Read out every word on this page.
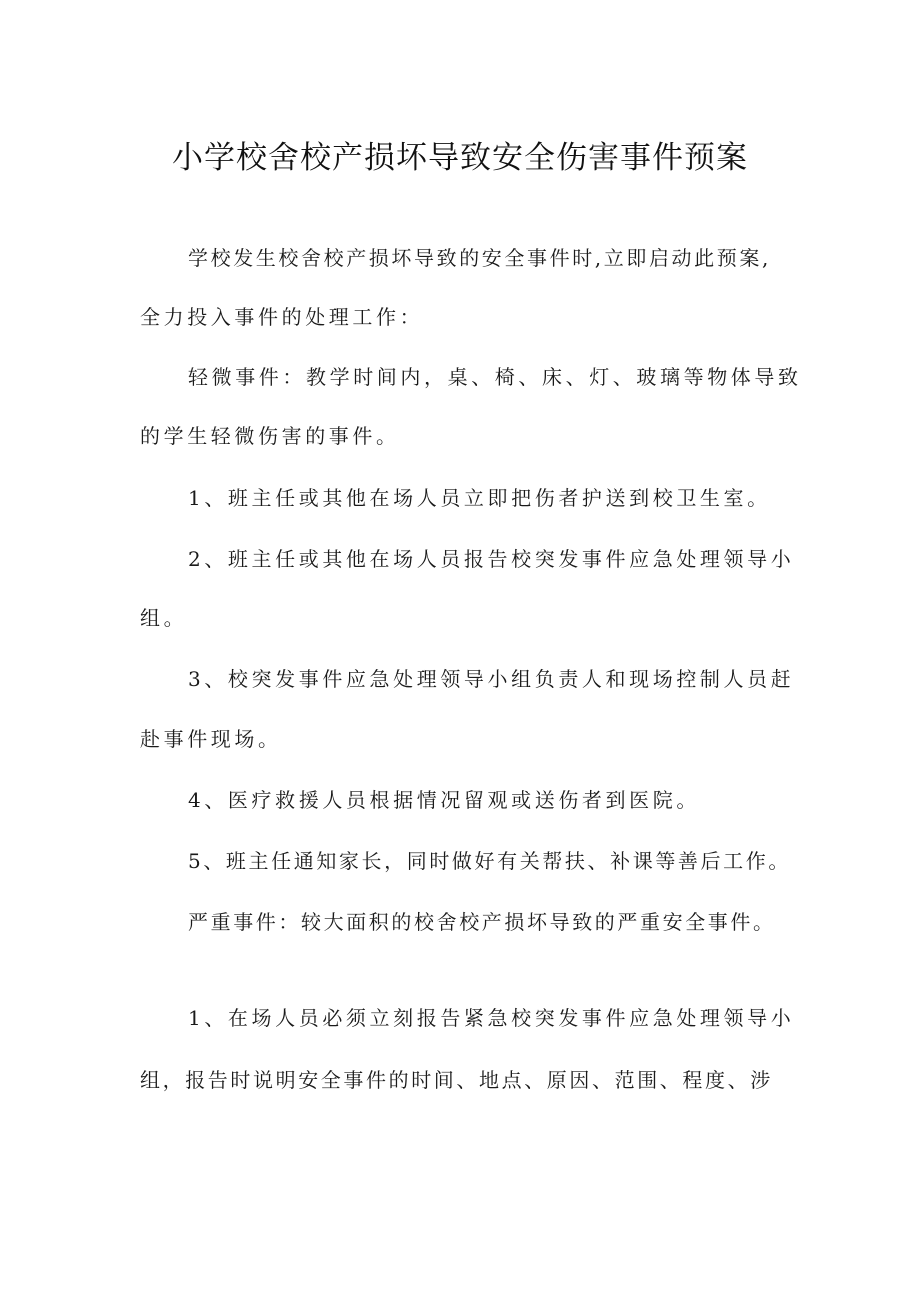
小学校舍校产损坏导致安全伤害事件预案
学校发生校舍校产损坏导致的安全事件时,立即启动此预案,
全力投入事件的处理工作：
轻微事件：教学时间内，桌、椅、床、灯、玻璃等物体导致
的学生轻微伤害的事件。
1、班主任或其他在场人员立即把伤者护送到校卫生室。
2、班主任或其他在场人员报告校突发事件应急处理领导小
组。
3、校突发事件应急处理领导小组负责人和现场控制人员赶
赴事件现场。
4、医疗救援人员根据情况留观或送伤者到医院。
5、班主任通知家长，同时做好有关帮扶、补课等善后工作。
严重事件：较大面积的校舍校产损坏导致的严重安全事件。
1、在场人员必须立刻报告紧急校突发事件应急处理领导小
组，报告时说明安全事件的时间、地点、原因、范围、程度、涉
